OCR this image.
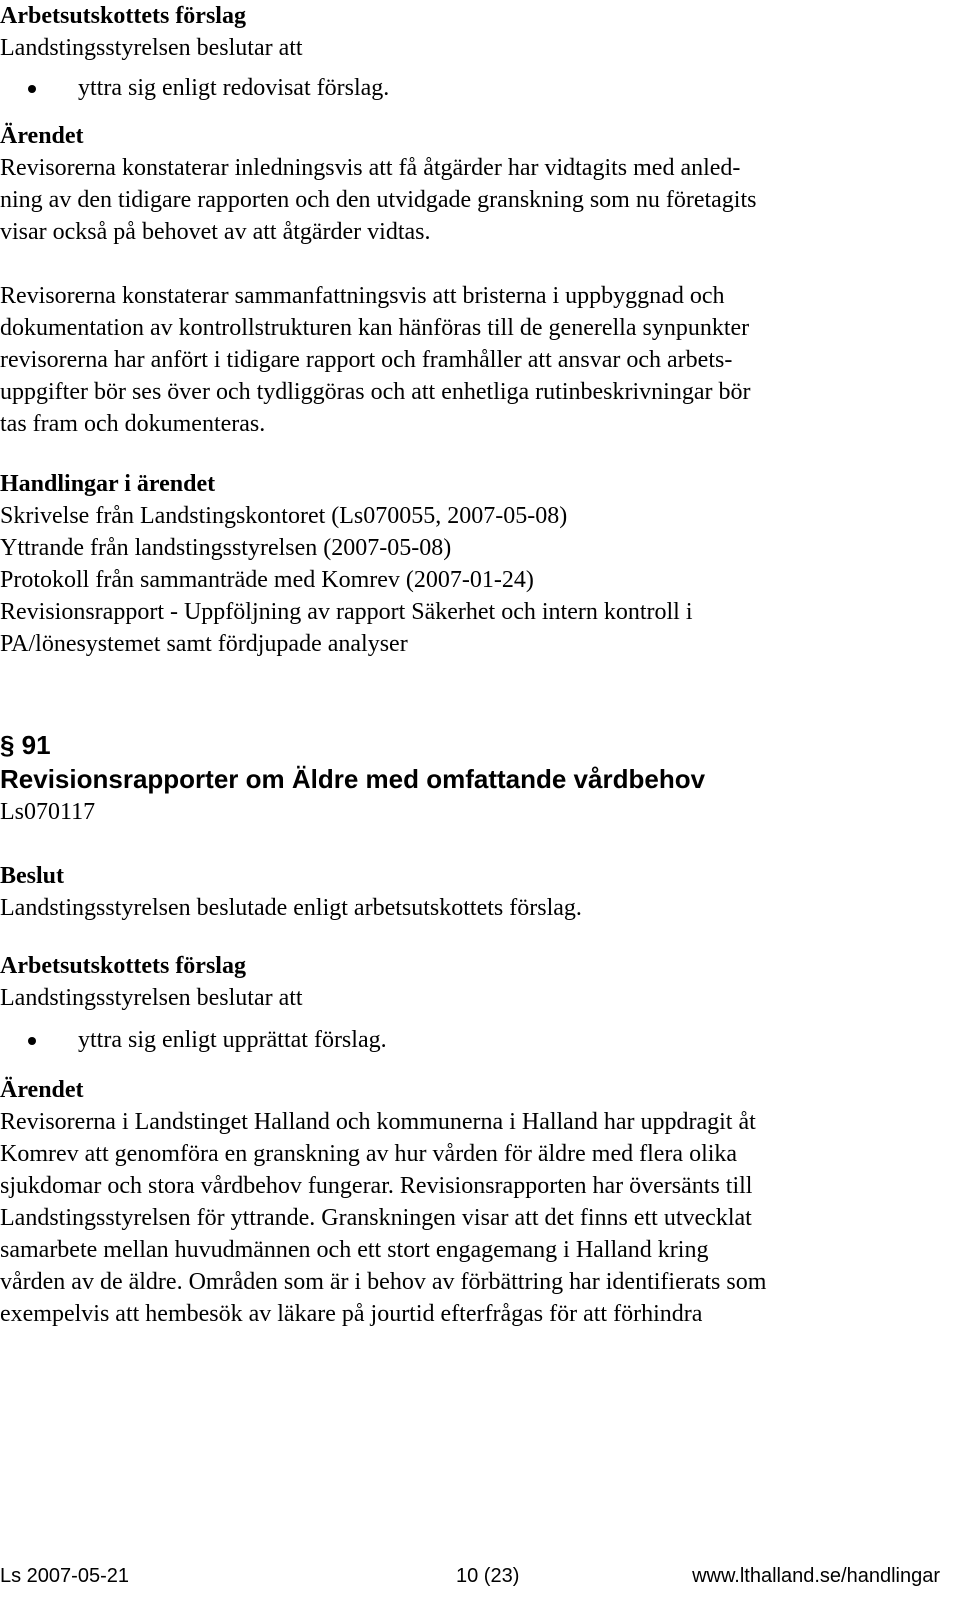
Arbetsutskottets förslag

Landstingsstyrelsen beslutar att

yttra sig enligt redovisat förslag.

Ärendet

Revisorerna konstaterar inledningsvis att få åtgärder har vidtagits med anled-

ning av den tidigare rapporten och den utvidgade granskning som nu företagits

visar också på behovet av att åtgärder vidtas.

Revisorerna konstaterar sammanfattningsvis att bristerna i uppbyggnad och

dokumentation av kontrollstrukturen kan hänföras till de generella synpunkter

revisorerna har anfört i tidigare rapport och framhåller att ansvar och arbets-

uppgifter bör ses över och tydliggöras och att enhetliga rutinbeskrivningar bör

tas fram och dokumenteras.

Handlingar i ärendet

Skrivelse från Landstingskontoret (Ls070055, 2007-05-08)

Yttrande från landstingsstyrelsen (2007-05-08)

Protokoll från sammanträde med Komrev (2007-01-24)

Revisionsrapport - Uppföljning av rapport Säkerhet och intern kontroll i

PA/lönesystemet samt fördjupade analyser

§ 91

Revisionsrapporter om Äldre med omfattande vårdbehov

Ls070117

Beslut

Landstingsstyrelsen beslutade enligt arbetsutskottets förslag.

Arbetsutskottets förslag

Landstingsstyrelsen beslutar att

yttra sig enligt upprättat förslag.

Ärendet

Revisorerna i Landstinget Halland och kommunerna i Halland har uppdragit åt

Komrev att genomföra en granskning av hur vården för äldre med flera olika

sjukdomar och stora vårdbehov fungerar. Revisionsrapporten har översänts till

Landstingsstyrelsen för yttrande. Granskningen visar att det finns ett utvecklat

samarbete mellan huvudmännen och ett stort engagemang i Halland kring

vården av de äldre. Områden som är i behov av förbättring har identifierats som

exempelvis att hembesök av läkare på jourtid efterfrågas för att förhindra

Ls 2007-05-21	10 (23)	www.lthalland.se/handlingar
